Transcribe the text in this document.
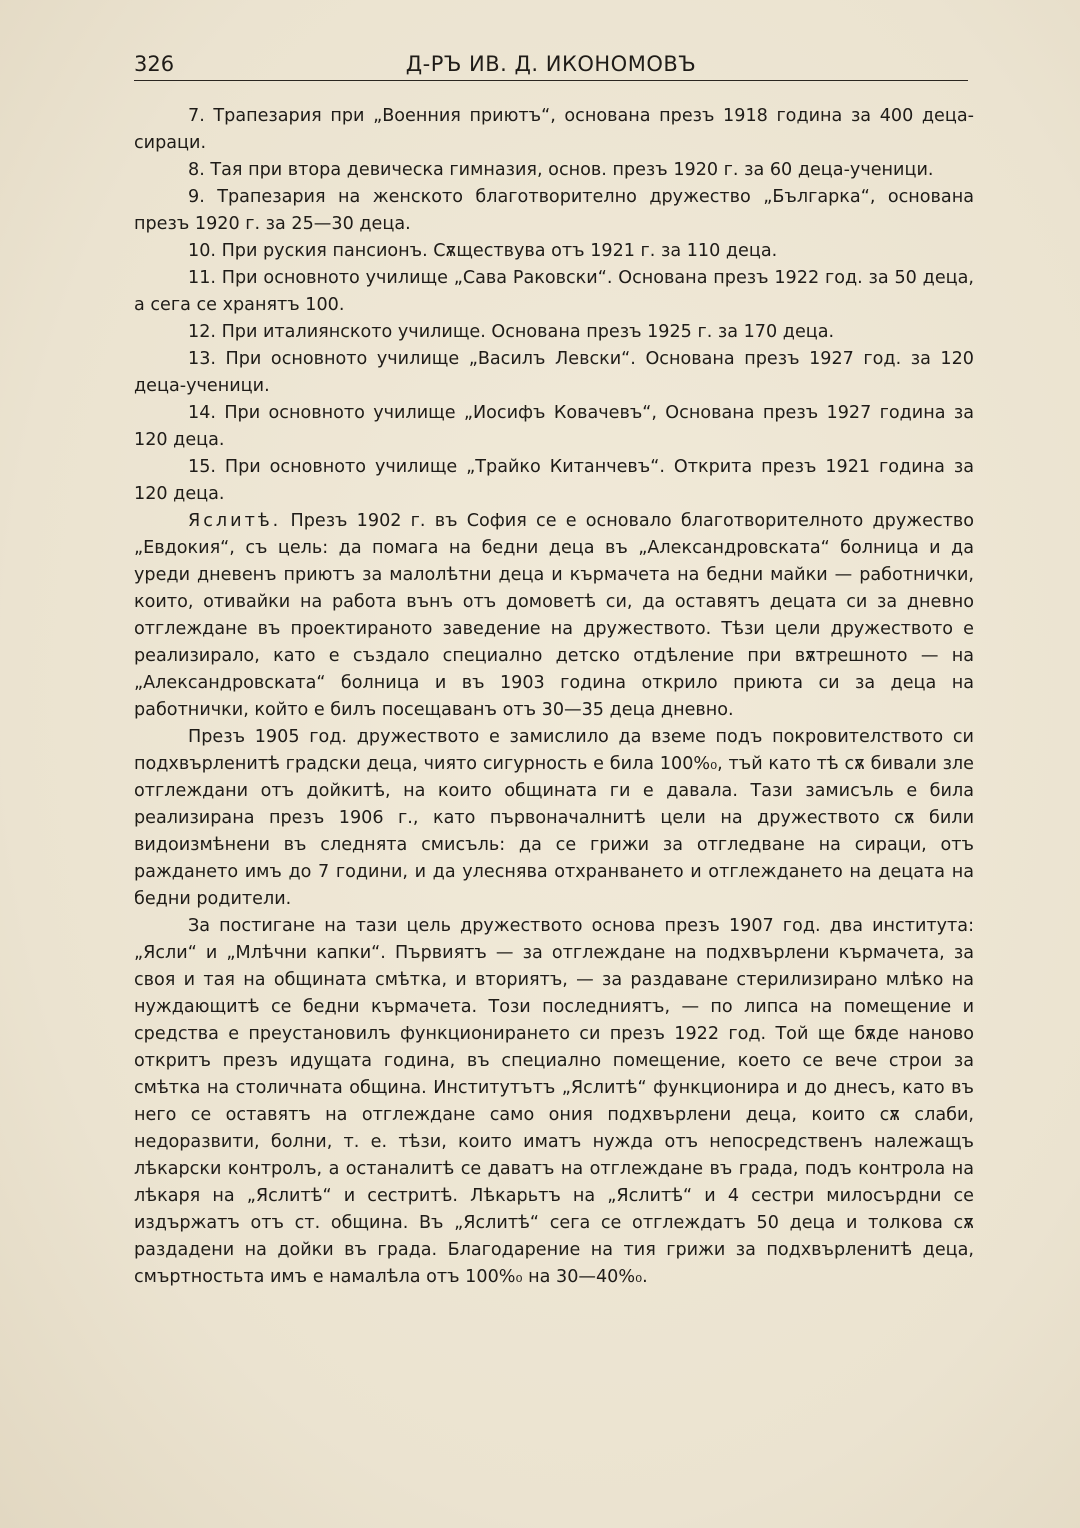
326	Д-РЪ ИВ. Д. ИКОНОМОВЪ

7. Трапезария при „Военния приютъ“, основана презъ 1918 година за 400 деца-сираци.

8. Тая при втора девическа гимназия, основ. презъ 1920 г. за 60 деца-ученици.

9. Трапезария на женското благотворително дружество „Българка“, основана презъ 1920 г. за 25—30 деца.

10. При руския пансионъ. Сѫществува отъ 1921 г. за 110 деца.

11. При основното училище „Сава Раковски“. Основана презъ 1922 год. за 50 деца, а сега се хранятъ 100.

12. При италиянското училище. Основана презъ 1925 г. за 170 деца.

13. При основното училище „Василъ Левски“. Основана презъ 1927 год. за 120 деца-ученици.

14. При основното училище „Иосифъ Ковачевъ“, Основана презъ 1927 година за 120 деца.

15. При основното училище „Трайко Китанчевъ“. Открита презъ 1921 година за 120 деца.

Яслитѣ. Презъ 1902 г. въ София се е основало благотворителното дружество „Евдокия“, съ цель: да помага на бедни деца въ „Александровската“ болница и да уреди дневенъ приютъ за малолѣтни деца и кърмачета на бедни майки — работнички, които, отивайки на работа вънъ отъ домоветѣ си, да оставятъ децата си за дневно отглеждане въ проектираното заведение на дружеството. Тѣзи цели дружеството е реализирало, като е създало специално детско отдѣление при вѫтрешното — на „Александровската“ болница и въ 1903 година открило приюта си за деца на работнички, който е билъ посещаванъ отъ 30—35 деца дневно.

Презъ 1905 год. дружеството е замислило да вземе подъ покровителството си подхвърленитѣ градски деца, чиято сигурность е била 100%₀, тъй като тѣ сѫ бивали зле отглеждани отъ дойкитѣ, на които общината ги е давала. Тази замисъль е била реализирана презъ 1906 г., като първоначалнитѣ цели на дружеството сѫ били видоизмѣнени въ следнята смисъль: да се грижи за отгледване на сираци, отъ раждането имъ до 7 години, и да улеснява отхранването и отглеждането на децата на бедни родители.

За постигане на тази цель дружеството основа презъ 1907 год. два института: „Ясли“ и „Млѣчни капки“. Първиятъ — за отглеждане на подхвърлени кърмачета, за своя и тая на общината смѣтка, и вториятъ, — за раздаване стерилизирано млѣко на нуждающитѣ се бедни кърмачета. Този последниятъ, — по липса на помещение и средства е преустановилъ функционирането си презъ 1922 год. Той ще бѫде наново откритъ презъ идущата година, въ специално помещение, което се вече строи за смѣтка на столичната община. Институтътъ „Яслитѣ“ функционира и до днесъ, като въ него се оставятъ на отглеждане само ония подхвърлени деца, които сѫ слаби, недоразвити, болни, т. е. тѣзи, които иматъ нужда отъ непосредственъ належащъ лѣкарски контролъ, а останалитѣ се даватъ на отглеждане въ града, подъ контрола на лѣкаря на „Яслитѣ“ и сестритѣ. Лѣкарьтъ на „Яслитѣ“ и 4 сестри милосърдни се издържатъ отъ ст. община. Въ „Яслитѣ“ сега се отглеждатъ 50 деца и толкова сѫ раздадени на дойки въ града. Благодарение на тия грижи за подхвърленитѣ деца, смъртностьта имъ е намалѣла отъ 100%₀ на 30—40%₀.
